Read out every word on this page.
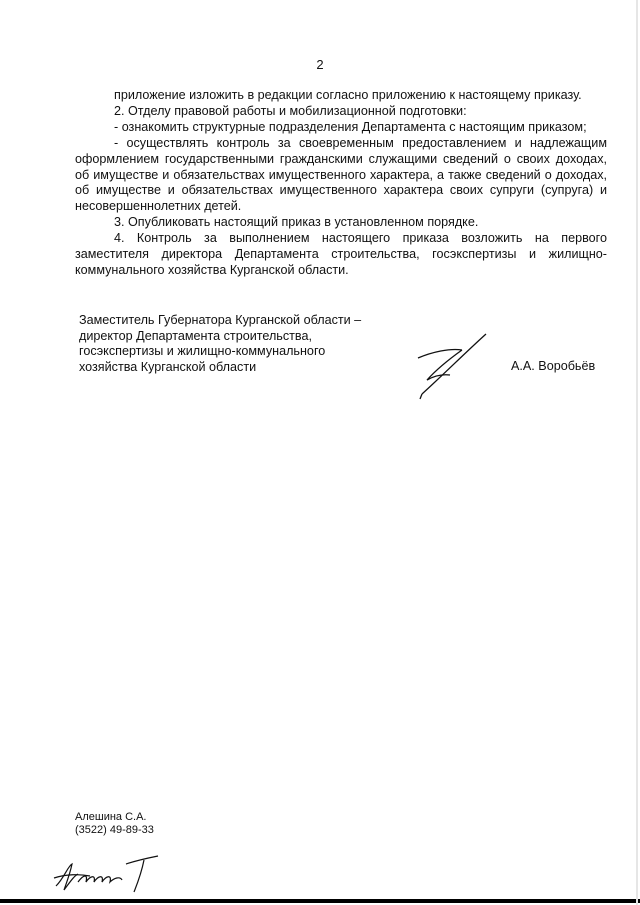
2

приложение изложить в редакции согласно приложению к настоящему приказу.

2. Отделу правовой работы и мобилизационной подготовки:

- ознакомить структурные подразделения Департамента с настоящим приказом;

- осуществлять контроль за своевременным предоставлением и надлежащим оформлением государственными гражданскими служащими сведений о своих доходах, об имуществе и обязательствах имущественного характера, а также сведений о доходах, об имуществе и обязательствах имущественного характера своих супруги (супруга) и несовершеннолетних детей.

3. Опубликовать настоящий приказ в установленном порядке.

4. Контроль за выполнением настоящего приказа возложить на первого заместителя директора Департамента строительства, госэкспертизы и жилищно-коммунального хозяйства Курганской области.

Заместитель Губернатора Курганской области –
директор Департамента строительства,
госэкспертизы и жилищно-коммунального
хозяйства Курганской области	А.А. Воробьёв
Алешина С.А.
(3522) 49-89-33
